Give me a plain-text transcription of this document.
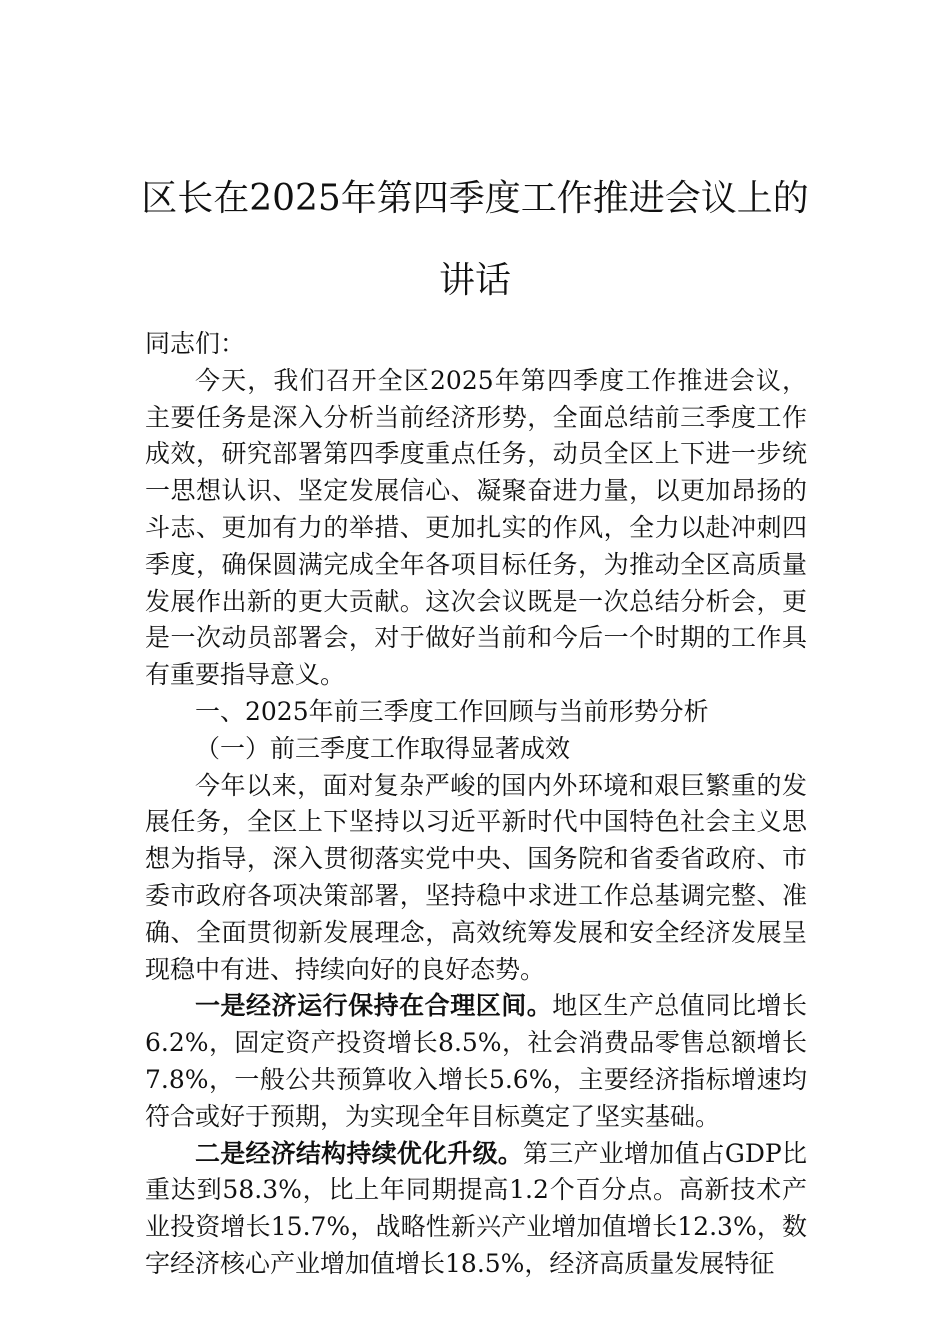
区长在2025年第四季度工作推进会议上的
讲话

同志们：

今天，我们召开全区2025年第四季度工作推进会议，主要任务是深入分析当前经济形势，全面总结前三季度工作成效，研究部署第四季度重点任务，动员全区上下进一步统一思想认识、坚定发展信心、凝聚奋进力量，以更加昂扬的斗志、更加有力的举措、更加扎实的作风，全力以赴冲刺四季度，确保圆满完成全年各项目标任务，为推动全区高质量发展作出新的更大贡献。这次会议既是一次总结分析会，更是一次动员部署会，对于做好当前和今后一个时期的工作具有重要指导意义。

一、2025年前三季度工作回顾与当前形势分析

（一）前三季度工作取得显著成效

今年以来，面对复杂严峻的国内外环境和艰巨繁重的发展任务，全区上下坚持以习近平新时代中国特色社会主义思想为指导，深入贯彻落实党中央、国务院和省委省政府、市委市政府各项决策部署，坚持稳中求进工作总基调完整、准确、全面贯彻新发展理念，高效统筹发展和安全经济发展呈现稳中有进、持续向好的良好态势。

一是经济运行保持在合理区间。地区生产总值同比增长6.2%，固定资产投资增长8.5%，社会消费品零售总额增长7.8%，一般公共预算收入增长5.6%，主要经济指标增速均符合或好于预期，为实现全年目标奠定了坚实基础。

二是经济结构持续优化升级。第三产业增加值占GDP比重达到58.3%，比上年同期提高1.2个百分点。高新技术产业投资增长15.7%，战略性新兴产业增加值增长12.3%，数字经济核心产业增加值增长18.5%，经济高质量发展特征
